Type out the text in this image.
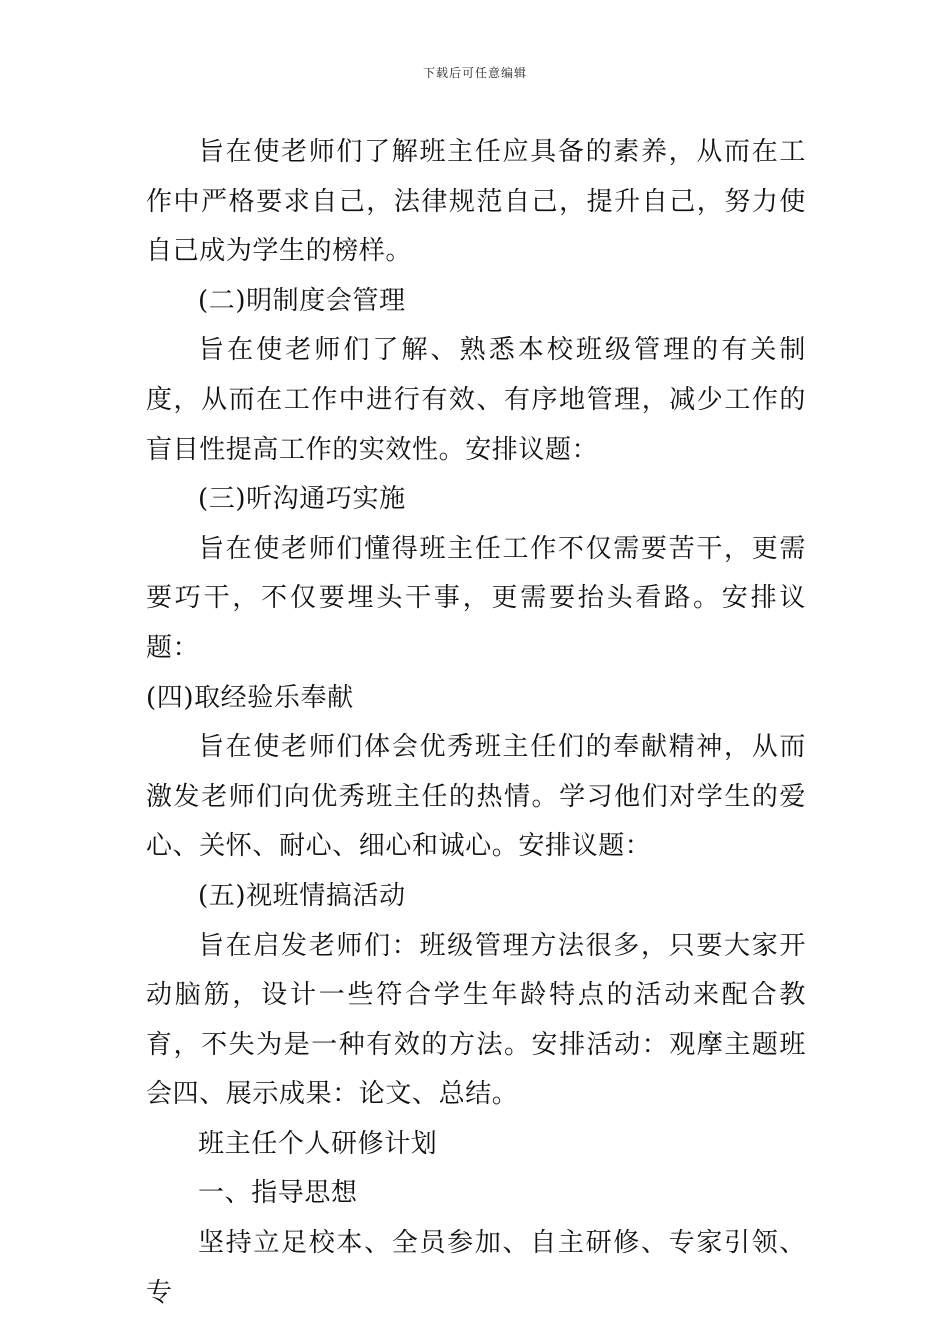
下载后可任意编辑

旨在使老师们了解班主任应具备的素养，从而在工作中严格要求自己，法律规范自己，提升自己，努力使自己成为学生的榜样。

(二)明制度会管理

旨在使老师们了解、熟悉本校班级管理的有关制度，从而在工作中进行有效、有序地管理，减少工作的盲目性提高工作的实效性。安排议题：

(三)听沟通巧实施

旨在使老师们懂得班主任工作不仅需要苦干，更需要巧干，不仅要埋头干事，更需要抬头看路。安排议题：

(四)取经验乐奉献

旨在使老师们体会优秀班主任们的奉献精神，从而激发老师们向优秀班主任的热情。学习他们对学生的爱心、关怀、耐心、细心和诚心。安排议题：

(五)视班情搞活动

旨在启发老师们：班级管理方法很多，只要大家开动脑筋，设计一些符合学生年龄特点的活动来配合教育，不失为是一种有效的方法。安排活动：观摩主题班会四、展示成果：论文、总结。

班主任个人研修计划

一、指导思想

坚持立足校本、全员参加、自主研修、专家引领、专
